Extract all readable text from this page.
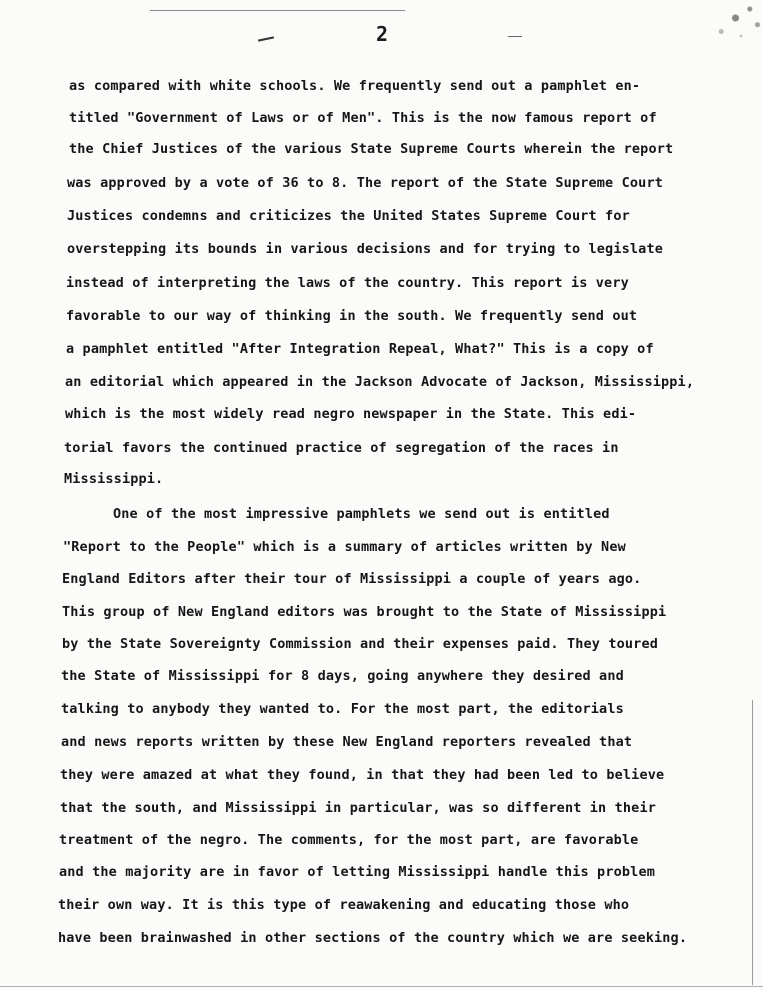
2
as compared with white schools. We frequently send out a pamphlet en-
titled "Government of Laws or of Men". This is the now famous report of
the Chief Justices of the various State Supreme Courts wherein the report
was approved by a vote of 36 to 8. The report of the State Supreme Court
Justices condemns and criticizes the United States Supreme Court for
overstepping its bounds in various decisions and for trying to legislate
instead of interpreting the laws of the country. This report is very
favorable to our way of thinking in the south. We frequently send out
a pamphlet entitled "After Integration Repeal, What?" This is a copy of
an editorial which appeared in the Jackson Advocate of Jackson, Mississippi,
which is the most widely read negro newspaper in the State. This edi-
torial favors the continued practice of segregation of the races in
Mississippi.
One of the most impressive pamphlets we send out is entitled
"Report to the People" which is a summary of articles written by New
England Editors after their tour of Mississippi a couple of years ago.
This group of New England editors was brought to the State of Mississippi
by the State Sovereignty Commission and their expenses paid. They toured
the State of Mississippi for 8 days, going anywhere they desired and
talking to anybody they wanted to. For the most part, the editorials
and news reports written by these New England reporters revealed that
they were amazed at what they found, in that they had been led to believe
that the south, and Mississippi in particular, was so different in their
treatment of the negro. The comments, for the most part, are favorable
and the majority are in favor of letting Mississippi handle this problem
their own way. It is this type of reawakening and educating those who
have been brainwashed in other sections of the country which we are seeking.
